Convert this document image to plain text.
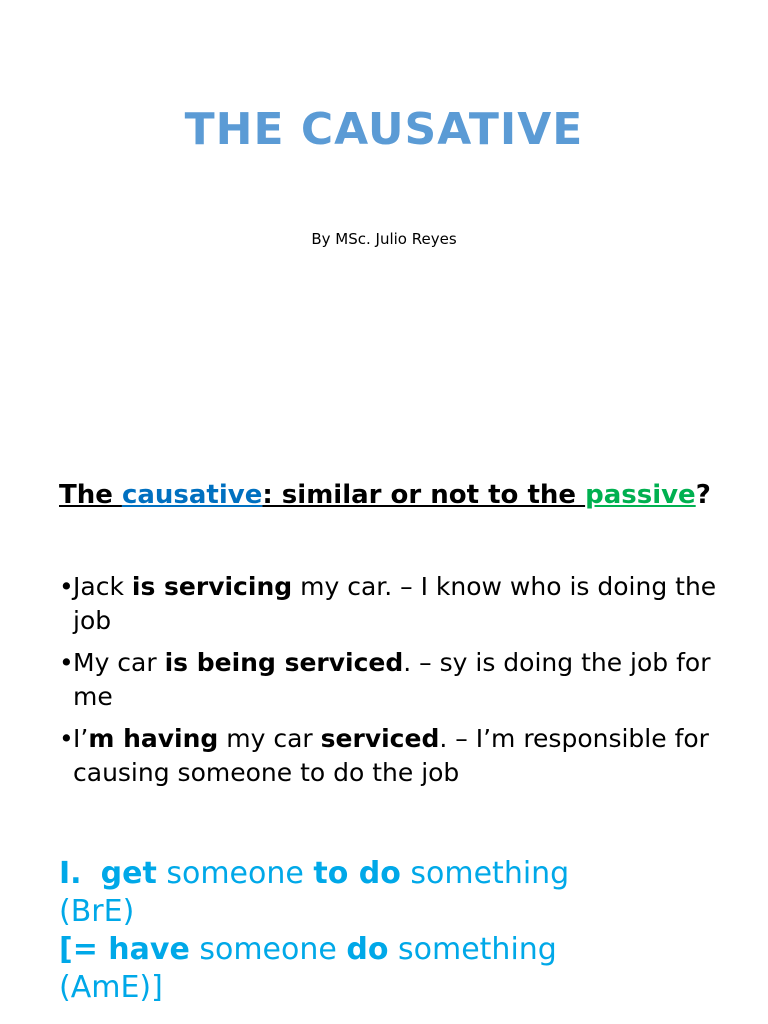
THE CAUSATIVE
By MSc. Julio Reyes
The causative: similar or not to the passive?
• Jack is servicing my car. – I know who is doing the job
• My car is being serviced. – sy is doing the job for me
• I’m having my car serviced. – I’m responsible for causing someone to do the job
I. get someone to do something
(BrE)
[= have someone do something
(AmE)]
